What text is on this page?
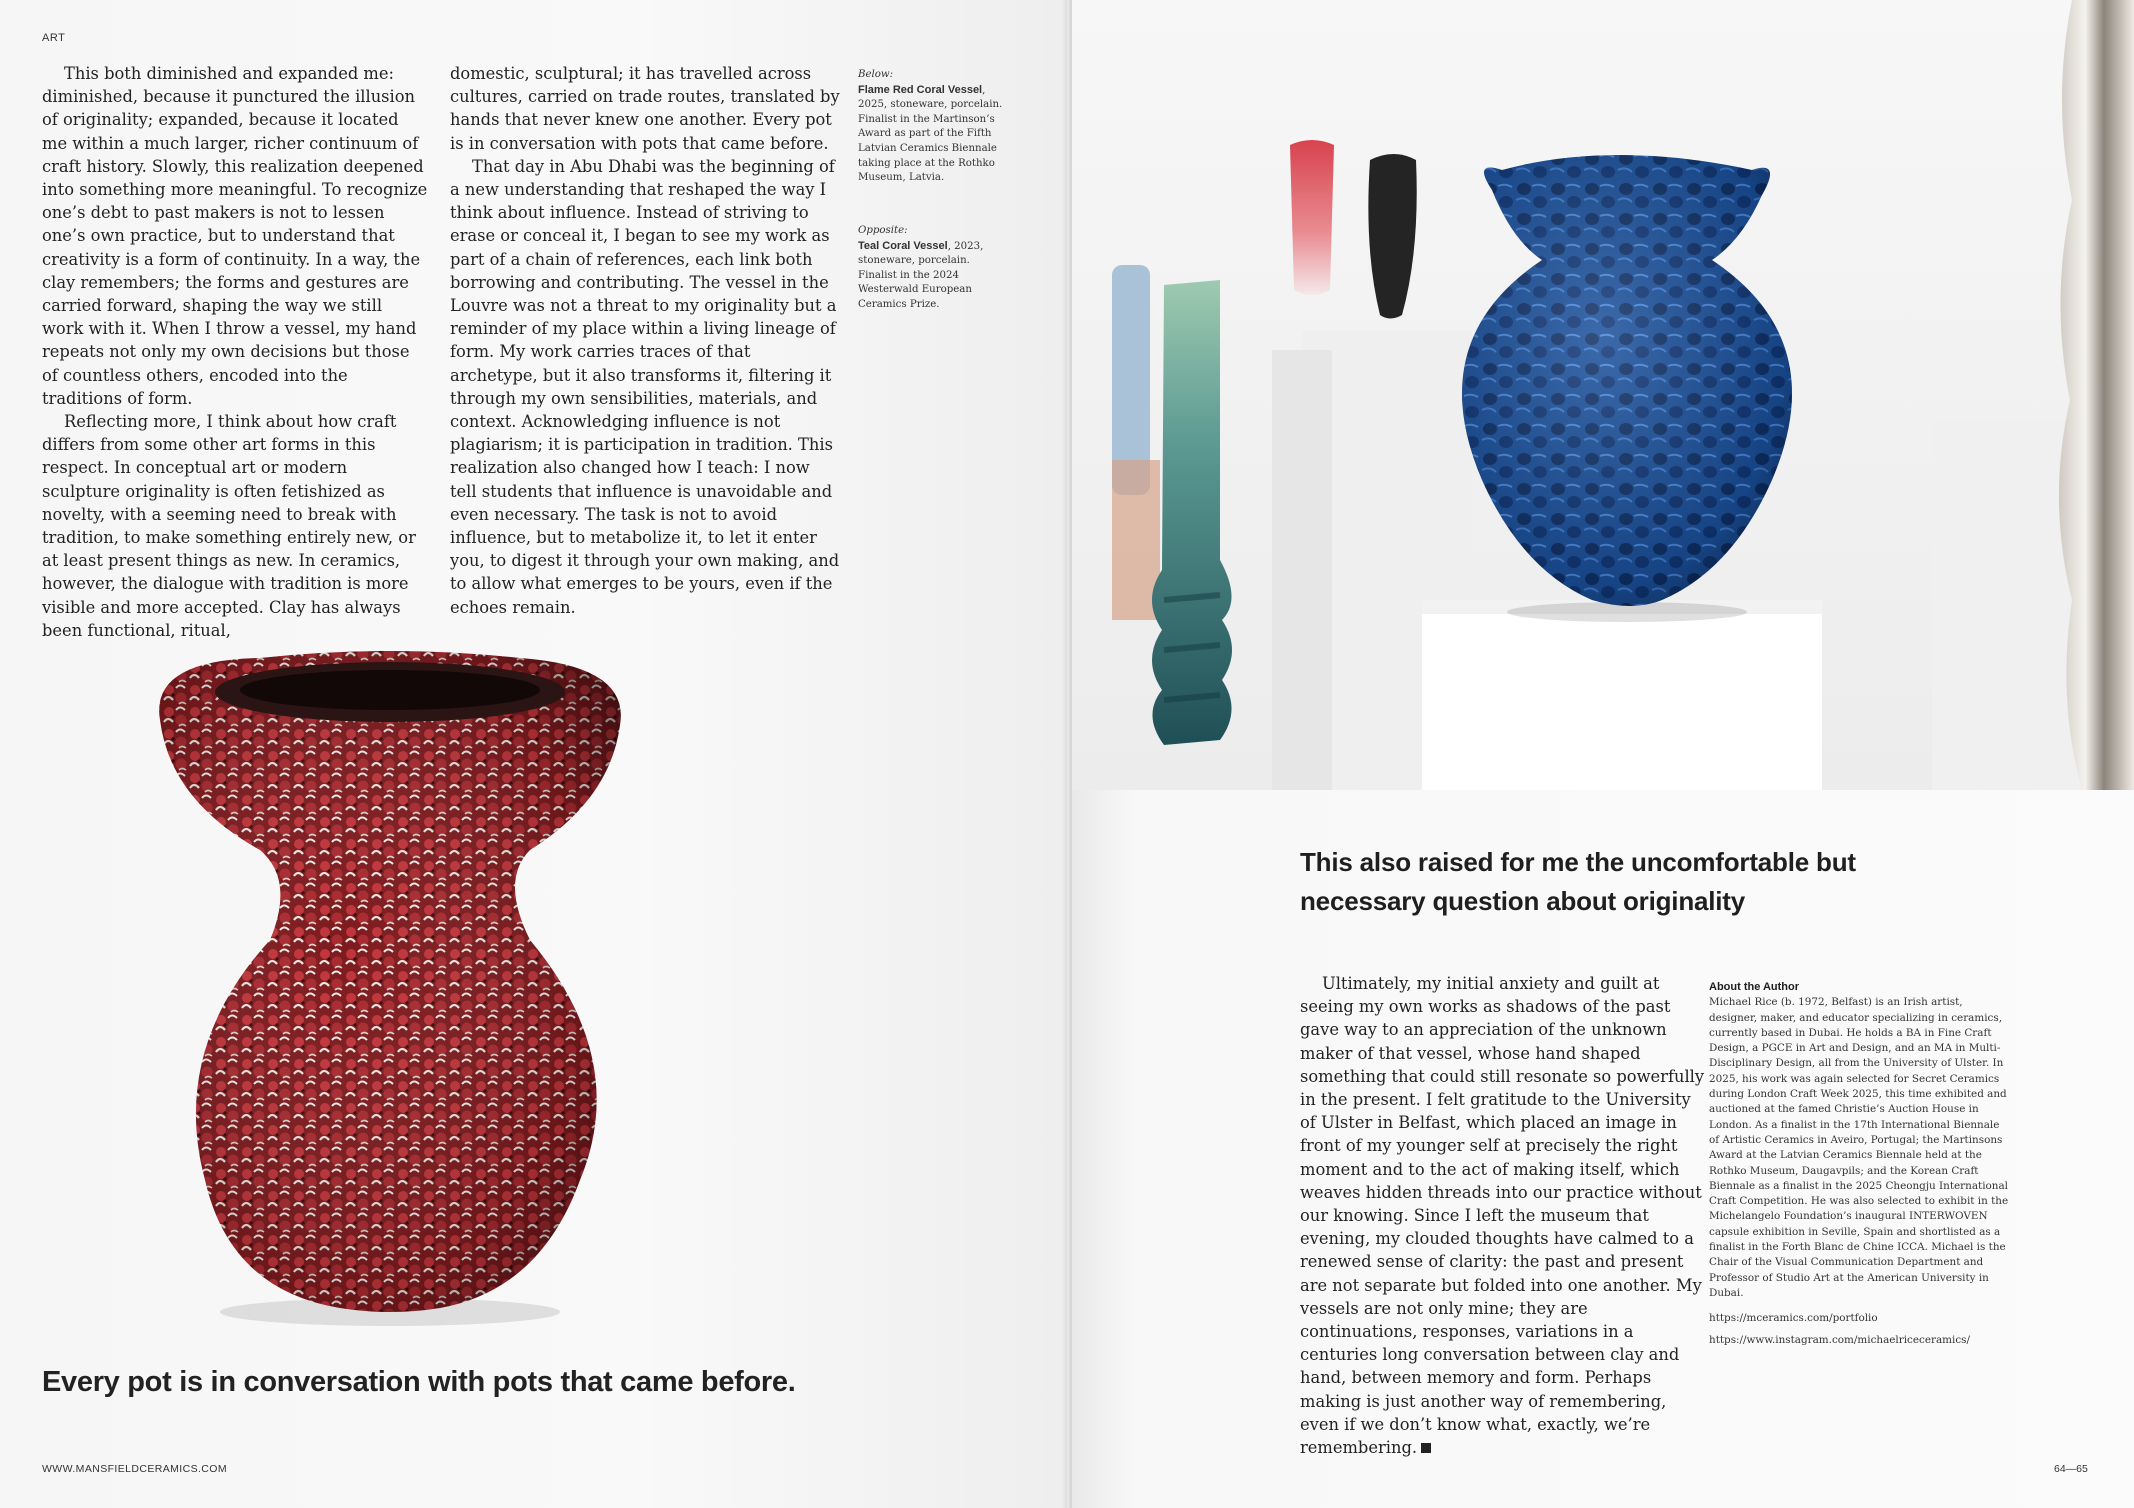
ART

This both diminished and expanded me: diminished, because it punctured the illusion of originality; expanded, because it located me within a much larger, richer continuum of craft history. Slowly, this realization deepened into something more meaningful. To recognize one’s debt to past makers is not to lessen one’s own practice, but to understand that creativity is a form of continuity. In a way, the clay remembers; the forms and gestures are carried forward, shaping the way we still work with it. When I throw a vessel, my hand repeats not only my own decisions but those of countless others, encoded into the traditions of form.

Reflecting more, I think about how craft differs from some other art forms in this respect. In conceptual art or modern sculpture originality is often fetishized as novelty, with a seeming need to break with tradition, to make something entirely new, or at least present things as new. In ceramics, however, the dialogue with tradition is more visible and more accepted. Clay has always been functional, ritual,

domestic, sculptural; it has travelled across cultures, carried on trade routes, translated by hands that never knew one another. Every pot is in conversation with pots that came before.

That day in Abu Dhabi was the beginning of a new understanding that reshaped the way I think about influence. Instead of striving to erase or conceal it, I began to see my work as part of a chain of references, each link both borrowing and contributing. The vessel in the Louvre was not a threat to my originality but a reminder of my place within a living lineage of form. My work carries traces of that archetype, but it also transforms it, filtering it through my own sensibilities, materials, and context. Acknowledging influence is not plagiarism; it is participation in tradition. This realization also changed how I teach: I now tell students that influence is unavoidable and even necessary. The task is not to avoid influence, but to metabolize it, to let it enter you, to digest it through your own making, and to allow what emerges to be yours, even if the echoes remain.

Below:
Flame Red Coral Vessel, 2025, stoneware, porcelain. Finalist in the Martinson’s Award as part of the Fifth Latvian Ceramics Biennale taking place at the Rothko Museum, Latvia.
Opposite:
Teal Coral Vessel, 2023, stoneware, porcelain. Finalist in the 2024 Westerwald European Ceramics Prize.
Every pot is in conversation with pots that came before.
WWW.MANSFIELDCERAMICS.COM
This also raised for me the uncomfortable but necessary question about originality

Ultimately, my initial anxiety and guilt at seeing my own works as shadows of the past gave way to an appreciation of the unknown maker of that vessel, whose hand shaped something that could still resonate so powerfully in the present. I felt gratitude to the University of Ulster in Belfast, which placed an image in front of my younger self at precisely the right moment and to the act of making itself, which weaves hidden threads into our practice without our knowing. Since I left the museum that evening, my clouded thoughts have calmed to a renewed sense of clarity: the past and present are not separate but folded into one another. My vessels are not only mine; they are continuations, responses, variations in a centuries long conversation between clay and hand, between memory and form. Perhaps making is just another way of remembering, even if we don’t know what, exactly, we’re remembering.

About the Author

Michael Rice (b. 1972, Belfast) is an Irish artist, designer, maker, and educator specializing in ceramics, currently based in Dubai. He holds a BA in Fine Craft Design, a PGCE in Art and Design, and an MA in Multi-Disciplinary Design, all from the University of Ulster. In 2025, his work was again selected for Secret Ceramics during London Craft Week 2025, this time exhibited and auctioned at the famed Christie’s Auction House in London. As a finalist in the 17th International Biennale of Artistic Ceramics in Aveiro, Portugal; the Martinsons Award at the Latvian Ceramics Biennale held at the Rothko Museum, Daugavpils; and the Korean Craft Biennale as a finalist in the 2025 Cheongju International Craft Competition. He was also selected to exhibit in the Michelangelo Foundation’s inaugural INTERWOVEN capsule exhibition in Seville, Spain and shortlisted as a finalist in the Forth Blanc de Chine ICCA. Michael is the Chair of the Visual Communication Department and Professor of Studio Art at the American University in Dubai.

https://mceramics.com/portfolio
https://www.instagram.com/michaelriceceramics/
64—65
